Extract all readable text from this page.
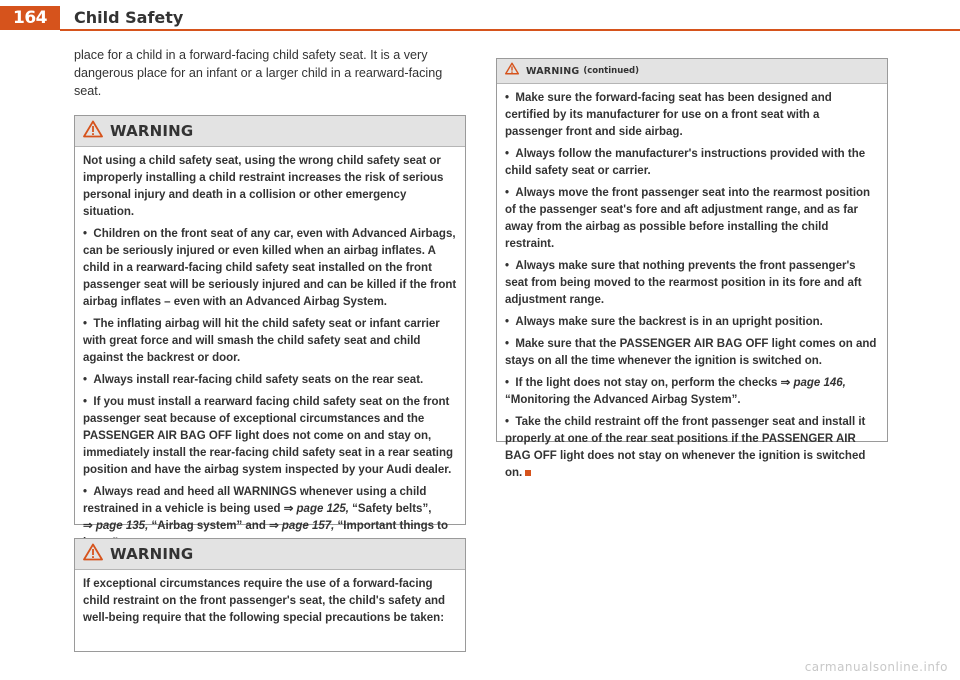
164	Child Safety

place for a child in a forward-facing child safety seat. It is a very dangerous place for an infant or a larger child in a rearward-facing seat.

WARNING

Not using a child safety seat, using the wrong child safety seat or improperly installing a child restraint increases the risk of serious personal injury and death in a collision or other emergency situation.

•  Children on the front seat of any car, even with Advanced Airbags, can be seriously injured or even killed when an airbag inflates. A child in a rearward-facing child safety seat installed on the front passenger seat will be seriously injured and can be killed if the front airbag inflates – even with an Advanced Airbag System.

•  The inflating airbag will hit the child safety seat or infant carrier with great force and will smash the child safety seat and child against the backrest or door.

•  Always install rear-facing child safety seats on the rear seat.

•  If you must install a rearward facing child safety seat on the front passenger seat because of exceptional circumstances and the PASSENGER AIR BAG OFF light does not come on and stay on, immediately install the rear-facing child safety seat in a rear seating position and have the airbag system inspected by your Audi dealer.

•  Always read and heed all WARNINGS whenever using a child restrained in a vehicle is being used ⇒ page 125, “Safety belts”, ⇒ page 135, “Airbag system” and ⇒ page 157, “Important things to

WARNING

If exceptional circumstances require the use of a forward-facing child restraint on the front passenger's seat, the child's safety and well-being require that the following special precautions be taken:

WARNING (continued)

•  Make sure the forward-facing seat has been designed and certified by its manufacturer for use on a front seat with a passenger front and side airbag.

•  Always follow the manufacturer's instructions provided with the child safety seat or carrier.

•  Always move the front passenger seat into the rearmost position of the passenger seat's fore and aft adjustment range, and as far away from the airbag as possible before installing the child restraint.

•  Always make sure that nothing prevents the front passenger's seat from being moved to the rearmost position in its fore and aft adjustment range.

•  Always make sure the backrest is in an upright position.

•  Make sure that the PASSENGER AIR BAG OFF light comes on and stays on all the time whenever the ignition is switched on.

•  If the light does not stay on, perform the checks ⇒ page 146, “Monitoring the Advanced Airbag System”.

•  Take the child restraint off the front passenger seat and install it properly at one of the rear seat positions if the PASSENGER AIR BAG OFF light does not stay on whenever the ignition is switched on.

carmanualsonline.info
